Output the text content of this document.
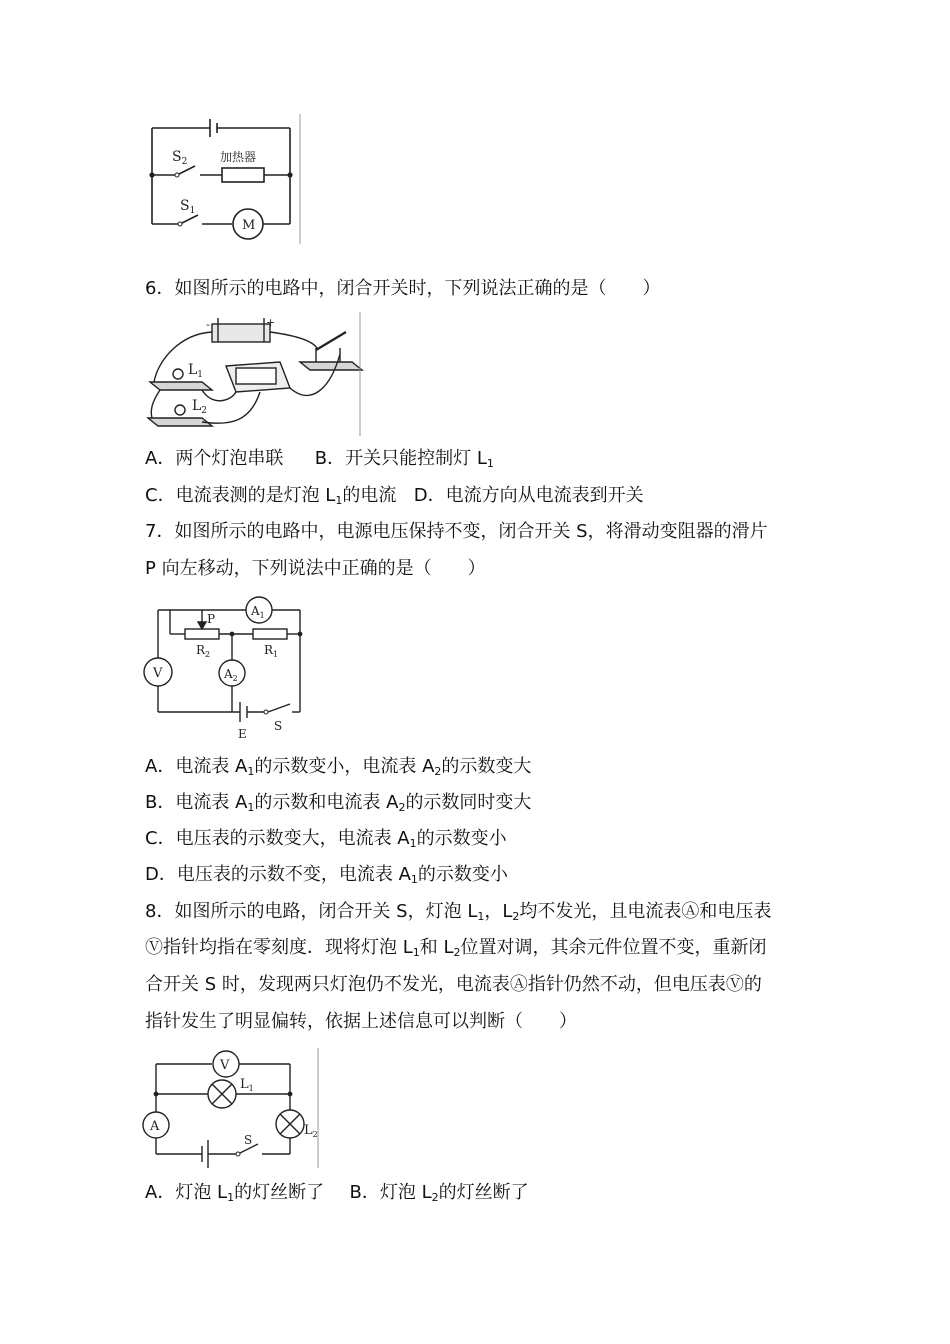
$S_2$	加热器
$S_1$
M
6．如图所示的电路中，闭合开关时，下列说法正确的是（　　）
-	+
$L_1$
$L_2$
A．两个灯泡串联 B．开关只能控制灯 $L_1$
C．电流表测的是灯泡 $L_1$的电流 D．电流方向从电流表到开关
7．如图所示的电路中，电源电压保持不变，闭合开关 S，将滑动变阻器的滑片
P 向左移动，下列说法中正确的是（　　）
$A_1$
$A_2$
V
P
$R_2$	$R_1$
E
S
A．电流表 $A_1$的示数变小，电流表 $A_2$的示数变大
B．电流表 $A_1$的示数和电流表 $A_2$的示数同时变大
C．电压表的示数变大，电流表 $A_1$的示数变小
D．电压表的示数不变，电流表 $A_1$的示数变小
8．如图所示的电路，闭合开关 S，灯泡 $L_1$，$L_2$均不发光，且电流表Ⓐ和电压表
Ⓥ指针均指在零刻度．现将灯泡 $L_1$和 $L_2$位置对调，其余元件位置不变，重新闭
合开关 S 时，发现两只灯泡仍不发光，电流表Ⓐ指针仍然不动，但电压表Ⓥ的
指针发生了明显偏转，依据上述信息可以判断（　　）
V
A
S
$L_1$
$L_2$
A．灯泡 $L_1$的灯丝断了 B．灯泡 $L_2$的灯丝断了
